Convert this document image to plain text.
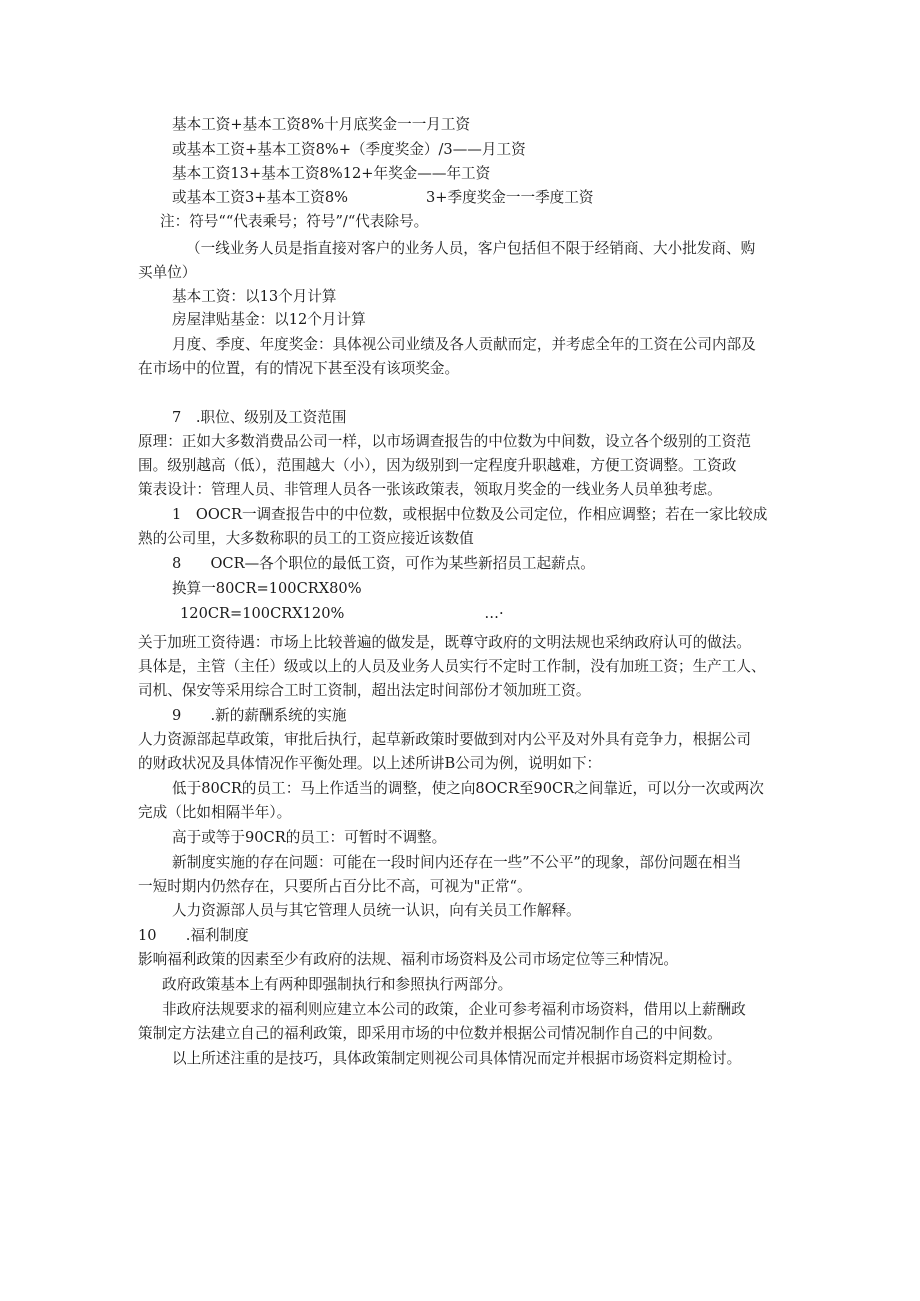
基本工资+基本工资8%十月底奖金一一月工资
或基本工资+基本工资8%+（季度奖金）/3——月工资
基本工资13+基本工资8%12+年奖金——年工资
或基本工资3+基本工资8%	3+季度奖金一一季度工资
注：符号““代表乘号；符号”/“代表除号。
（一线业务人员是指直接对客户的业务人员，客户包括但不限于经销商、大小批发商、购
买单位）
基本工资：以13个月计算
房屋津贴基金：以12个月计算
月度、季度、年度奖金：具体视公司业绩及各人贡献而定，并考虑全年的工资在公司内部及
在市场中的位置，有的情况下甚至没有该项奖金。
7　.职位、级别及工资范围
原理：正如大多数消费品公司一样，以市场调查报告的中位数为中间数，设立各个级别的工资范
围。级别越高（低），范围越大（小），因为级别到一定程度升职越难，方便工资调整。工资政
策表设计：管理人员、非管理人员各一张该政策表，领取月奖金的一线业务人员单独考虑。
1　OOCR一调查报告中的中位数，或根据中位数及公司定位，作相应调整；若在一家比较成
熟的公司里，大多数称职的员工的工资应接近该数值
8　　OCR—各个职位的最低工资，可作为某些新招员工起薪点。
换算一80CR=100CRX80%
120CR=100CRX120%	…·
关于加班工资待遇：市场上比较普遍的做发是，既尊守政府的文明法规也采纳政府认可的做法。
具体是，主管（主任）级或以上的人员及业务人员实行不定时工作制，没有加班工资；生产工人、
司机、保安等采用综合工时工资制，超出法定时间部份才领加班工资。
9　　.新的薪酬系统的实施
人力资源部起草政策，审批后执行，起草新政策时要做到对内公平及对外具有竞争力，根据公司
的财政状况及具体情况作平衡处理。以上述所讲B公司为例，说明如下：
低于80CR的员工：马上作适当的调整，使之向8OCR至90CR之间靠近，可以分一次或两次
完成（比如相隔半年）。
高于或等于90CR的员工：可暂时不调整。
新制度实施的存在问题：可能在一段时间内还存在一些”不公平”的现象，部份问题在相当
一短时期内仍然存在，只要所占百分比不高，可视为"正常“。
人力资源部人员与其它管理人员统一认识，向有关员工作解释。
10　　.福利制度
影响福利政策的因素至少有政府的法规、福利市场资料及公司市场定位等三种情况。
政府政策基本上有两种即强制执行和参照执行两部分。
非政府法规要求的福利则应建立本公司的政策，企业可参考福利市场资料，借用以上薪酬政
策制定方法建立自己的福利政策，即采用市场的中位数并根据公司情况制作自己的中间数。
以上所述注重的是技巧，具体政策制定则视公司具体情况而定并根据市场资料定期检讨。
